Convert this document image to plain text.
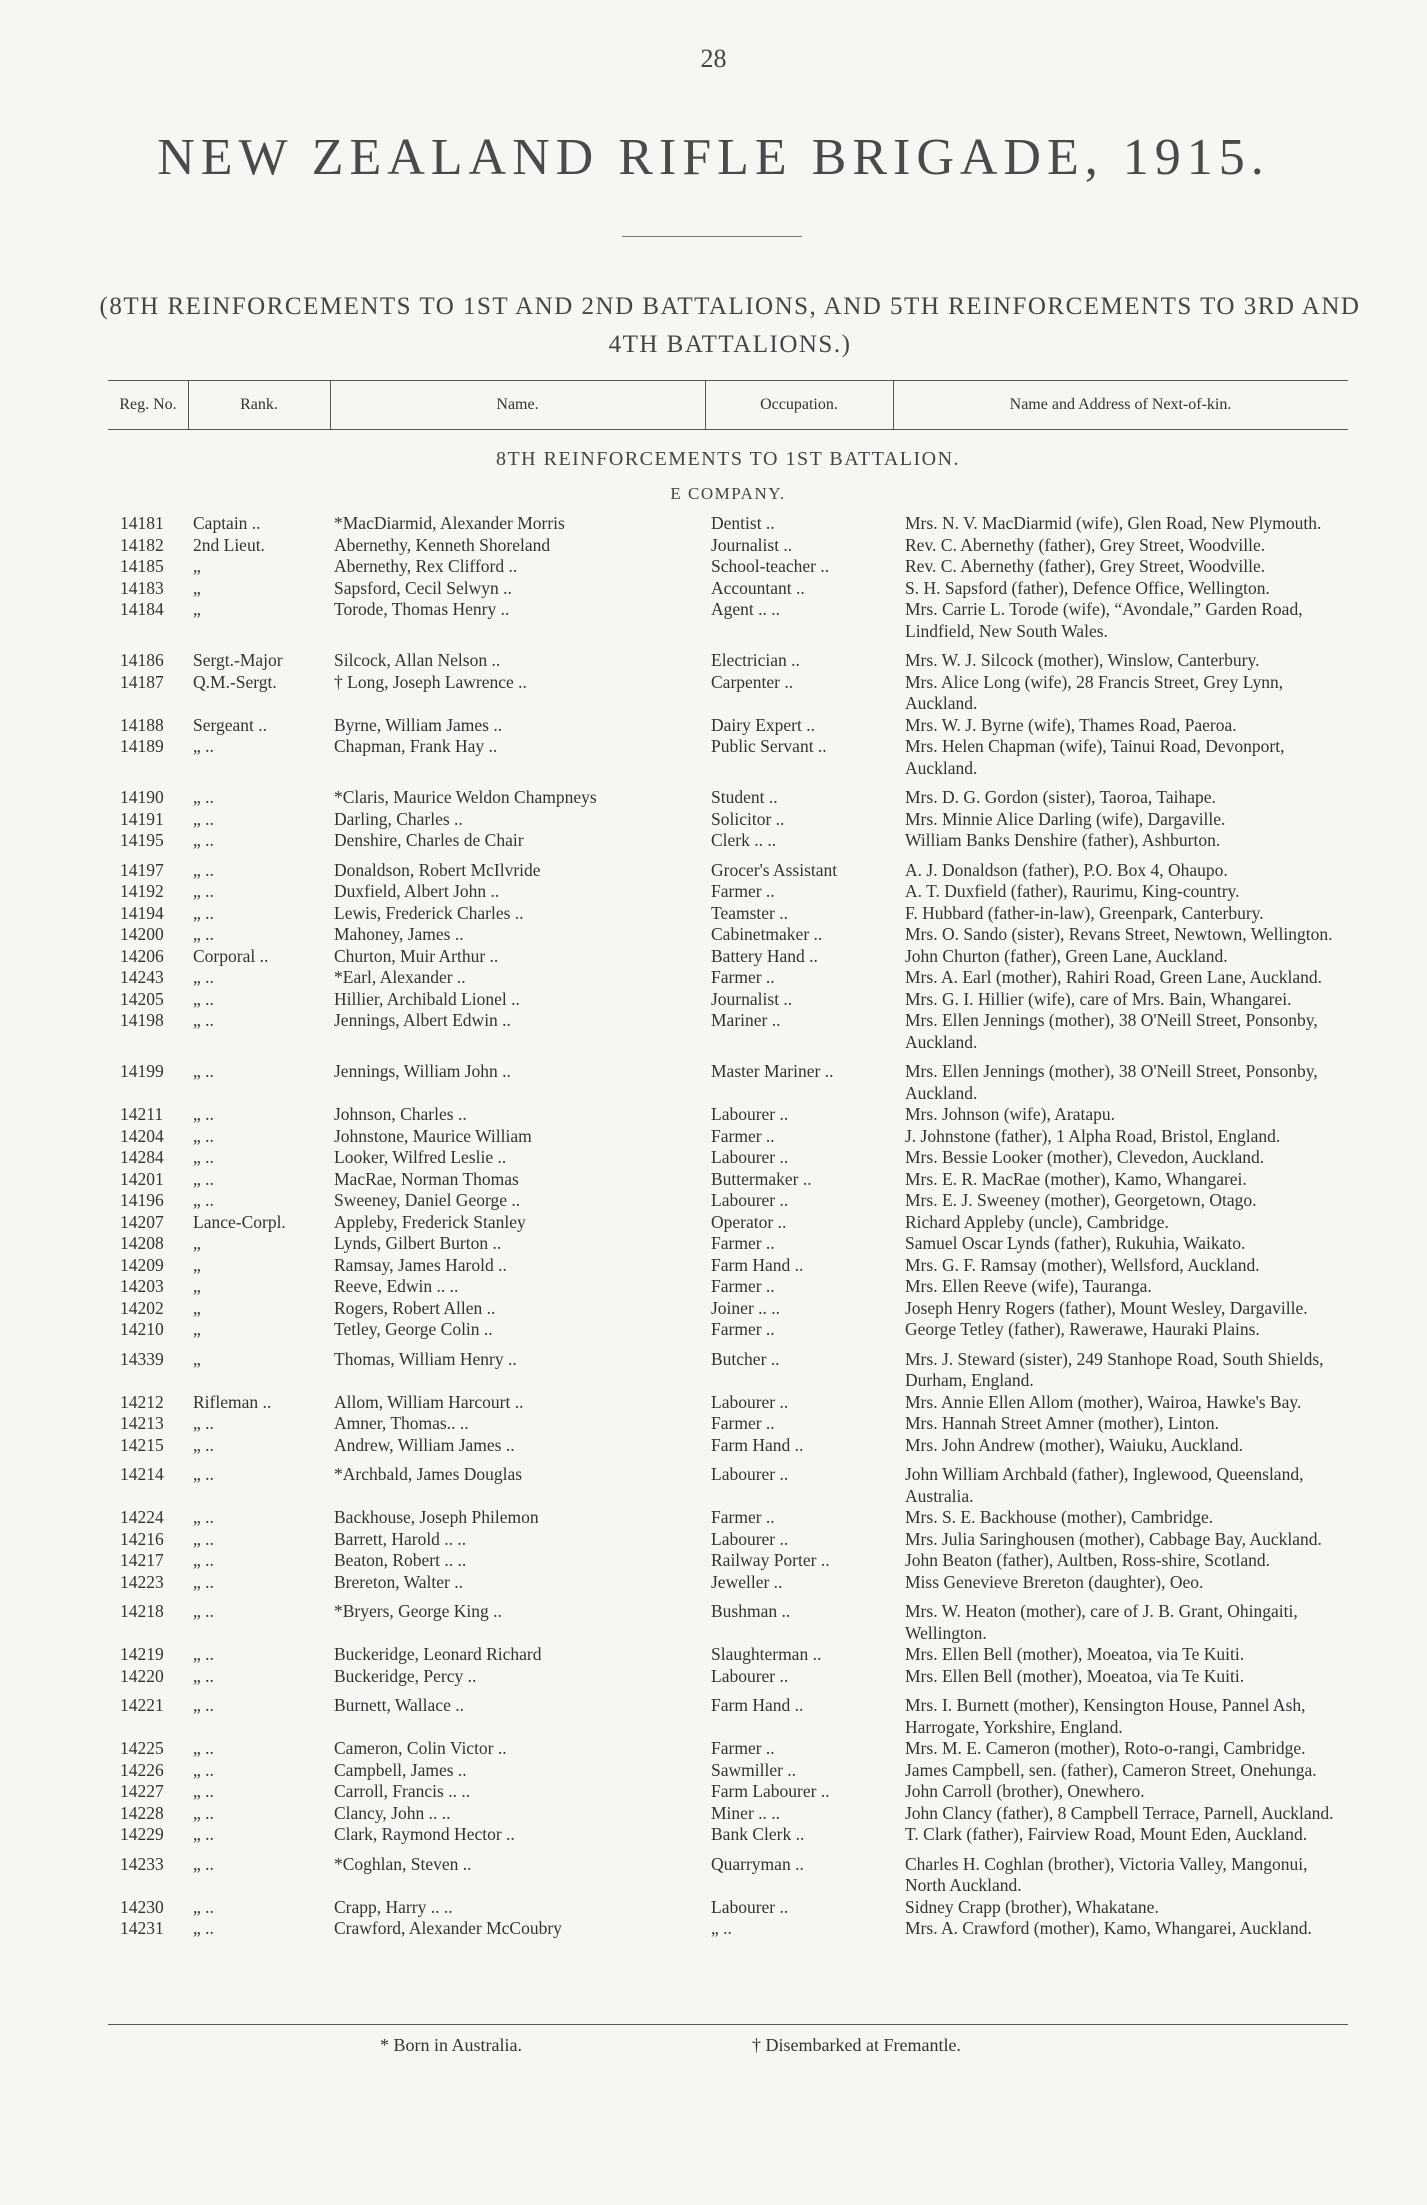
28
NEW ZEALAND RIFLE BRIGADE, 1915.
(8TH REINFORCEMENTS TO 1ST AND 2ND BATTALIONS, AND 5TH REINFORCEMENTS TO 3RD AND 4TH BATTALIONS.)
Reg. No.	Rank.	Name.	Occupation.	Name and Address of Next-of-kin.
8TH REINFORCEMENTS TO 1ST BATTALION.
E COMPANY.
14181	Captain ..	*MacDiarmid, Alexander Morris	Dentist ..	Mrs. N. V. MacDiarmid (wife), Glen Road, New Plymouth.
14182	2nd Lieut.	Abernethy, Kenneth Shoreland	Journalist ..	Rev. C. Abernethy (father), Grey Street, Woodville.
14185	„	Abernethy, Rex Clifford ..	School-teacher ..	Rev. C. Abernethy (father), Grey Street, Woodville.
14183	„	Sapsford, Cecil Selwyn ..	Accountant ..	S. H. Sapsford (father), Defence Office, Wellington.
14184	„	Torode, Thomas Henry ..	Agent .. ..	Mrs. Carrie L. Torode (wife), “Avondale,” Garden Road, Lindfield, New South Wales.
14186	Sergt.-Major	Silcock, Allan Nelson ..	Electrician ..	Mrs. W. J. Silcock (mother), Winslow, Canterbury.
14187	Q.M.-Sergt.	† Long, Joseph Lawrence ..	Carpenter ..	Mrs. Alice Long (wife), 28 Francis Street, Grey Lynn, Auckland.
14188	Sergeant ..	Byrne, William James ..	Dairy Expert ..	Mrs. W. J. Byrne (wife), Thames Road, Paeroa.
14189	„ ..	Chapman, Frank Hay ..	Public Servant ..	Mrs. Helen Chapman (wife), Tainui Road, Devonport, Auckland.
14190	„ ..	*Claris, Maurice Weldon Champneys	Student ..	Mrs. D. G. Gordon (sister), Taoroa, Taihape.
14191	„ ..	Darling, Charles ..	Solicitor ..	Mrs. Minnie Alice Darling (wife), Dargaville.
14195	„ ..	Denshire, Charles de Chair	Clerk .. ..	William Banks Denshire (father), Ashburton.
14197	„ ..	Donaldson, Robert McIlvride	Grocer's Assistant	A. J. Donaldson (father), P.O. Box 4, Ohaupo.
14192	„ ..	Duxfield, Albert John ..	Farmer ..	A. T. Duxfield (father), Raurimu, King-country.
14194	„ ..	Lewis, Frederick Charles ..	Teamster ..	F. Hubbard (father-in-law), Greenpark, Canterbury.
14200	„ ..	Mahoney, James ..	Cabinetmaker ..	Mrs. O. Sando (sister), Revans Street, Newtown, Wellington.
14206	Corporal ..	Churton, Muir Arthur ..	Battery Hand ..	John Churton (father), Green Lane, Auckland.
14243	„ ..	*Earl, Alexander ..	Farmer ..	Mrs. A. Earl (mother), Rahiri Road, Green Lane, Auckland.
14205	„ ..	Hillier, Archibald Lionel ..	Journalist ..	Mrs. G. I. Hillier (wife), care of Mrs. Bain, Whangarei.
14198	„ ..	Jennings, Albert Edwin ..	Mariner ..	Mrs. Ellen Jennings (mother), 38 O'Neill Street, Ponsonby, Auckland.
14199	„ ..	Jennings, William John ..	Master Mariner ..	Mrs. Ellen Jennings (mother), 38 O'Neill Street, Ponsonby, Auckland.
14211	„ ..	Johnson, Charles ..	Labourer ..	Mrs. Johnson (wife), Aratapu.
14204	„ ..	Johnstone, Maurice William	Farmer ..	J. Johnstone (father), 1 Alpha Road, Bristol, England.
14284	„ ..	Looker, Wilfred Leslie ..	Labourer ..	Mrs. Bessie Looker (mother), Clevedon, Auckland.
14201	„ ..	MacRae, Norman Thomas	Buttermaker ..	Mrs. E. R. MacRae (mother), Kamo, Whangarei.
14196	„ ..	Sweeney, Daniel George ..	Labourer ..	Mrs. E. J. Sweeney (mother), Georgetown, Otago.
14207	Lance-Corpl.	Appleby, Frederick Stanley	Operator ..	Richard Appleby (uncle), Cambridge.
14208	„	Lynds, Gilbert Burton ..	Farmer ..	Samuel Oscar Lynds (father), Rukuhia, Waikato.
14209	„	Ramsay, James Harold ..	Farm Hand ..	Mrs. G. F. Ramsay (mother), Wellsford, Auckland.
14203	„	Reeve, Edwin .. ..	Farmer ..	Mrs. Ellen Reeve (wife), Tauranga.
14202	„	Rogers, Robert Allen ..	Joiner .. ..	Joseph Henry Rogers (father), Mount Wesley, Dargaville.
14210	„	Tetley, George Colin ..	Farmer ..	George Tetley (father), Rawerawe, Hauraki Plains.
14339	„	Thomas, William Henry ..	Butcher ..	Mrs. J. Steward (sister), 249 Stanhope Road, South Shields, Durham, England.
14212	Rifleman ..	Allom, William Harcourt ..	Labourer ..	Mrs. Annie Ellen Allom (mother), Wairoa, Hawke's Bay.
14213	„ ..	Amner, Thomas.. ..	Farmer ..	Mrs. Hannah Street Amner (mother), Linton.
14215	„ ..	Andrew, William James ..	Farm Hand ..	Mrs. John Andrew (mother), Waiuku, Auckland.
14214	„ ..	*Archbald, James Douglas	Labourer ..	John William Archbald (father), Inglewood, Queensland, Australia.
14224	„ ..	Backhouse, Joseph Philemon	Farmer ..	Mrs. S. E. Backhouse (mother), Cambridge.
14216	„ ..	Barrett, Harold .. ..	Labourer ..	Mrs. Julia Saringhousen (mother), Cabbage Bay, Auckland.
14217	„ ..	Beaton, Robert .. ..	Railway Porter ..	John Beaton (father), Aultben, Ross-shire, Scotland.
14223	„ ..	Brereton, Walter ..	Jeweller ..	Miss Genevieve Brereton (daughter), Oeo.
14218	„ ..	*Bryers, George King ..	Bushman ..	Mrs. W. Heaton (mother), care of J. B. Grant, Ohingaiti, Wellington.
14219	„ ..	Buckeridge, Leonard Richard	Slaughterman ..	Mrs. Ellen Bell (mother), Moeatoa, via Te Kuiti.
14220	„ ..	Buckeridge, Percy ..	Labourer ..	Mrs. Ellen Bell (mother), Moeatoa, via Te Kuiti.
14221	„ ..	Burnett, Wallace ..	Farm Hand ..	Mrs. I. Burnett (mother), Kensington House, Pannel Ash, Harrogate, Yorkshire, England.
14225	„ ..	Cameron, Colin Victor ..	Farmer ..	Mrs. M. E. Cameron (mother), Roto-o-rangi, Cambridge.
14226	„ ..	Campbell, James ..	Sawmiller ..	James Campbell, sen. (father), Cameron Street, Onehunga.
14227	„ ..	Carroll, Francis .. ..	Farm Labourer ..	John Carroll (brother), Onewhero.
14228	„ ..	Clancy, John .. ..	Miner .. ..	John Clancy (father), 8 Campbell Terrace, Parnell, Auckland.
14229	„ ..	Clark, Raymond Hector ..	Bank Clerk ..	T. Clark (father), Fairview Road, Mount Eden, Auckland.
14233	„ ..	*Coghlan, Steven ..	Quarryman ..	Charles H. Coghlan (brother), Victoria Valley, Mangonui, North Auckland.
14230	„ ..	Crapp, Harry .. ..	Labourer ..	Sidney Crapp (brother), Whakatane.
14231	„ ..	Crawford, Alexander McCoubry	„ ..	Mrs. A. Crawford (mother), Kamo, Whangarei, Auckland.
* Born in Australia.	† Disembarked at Fremantle.
